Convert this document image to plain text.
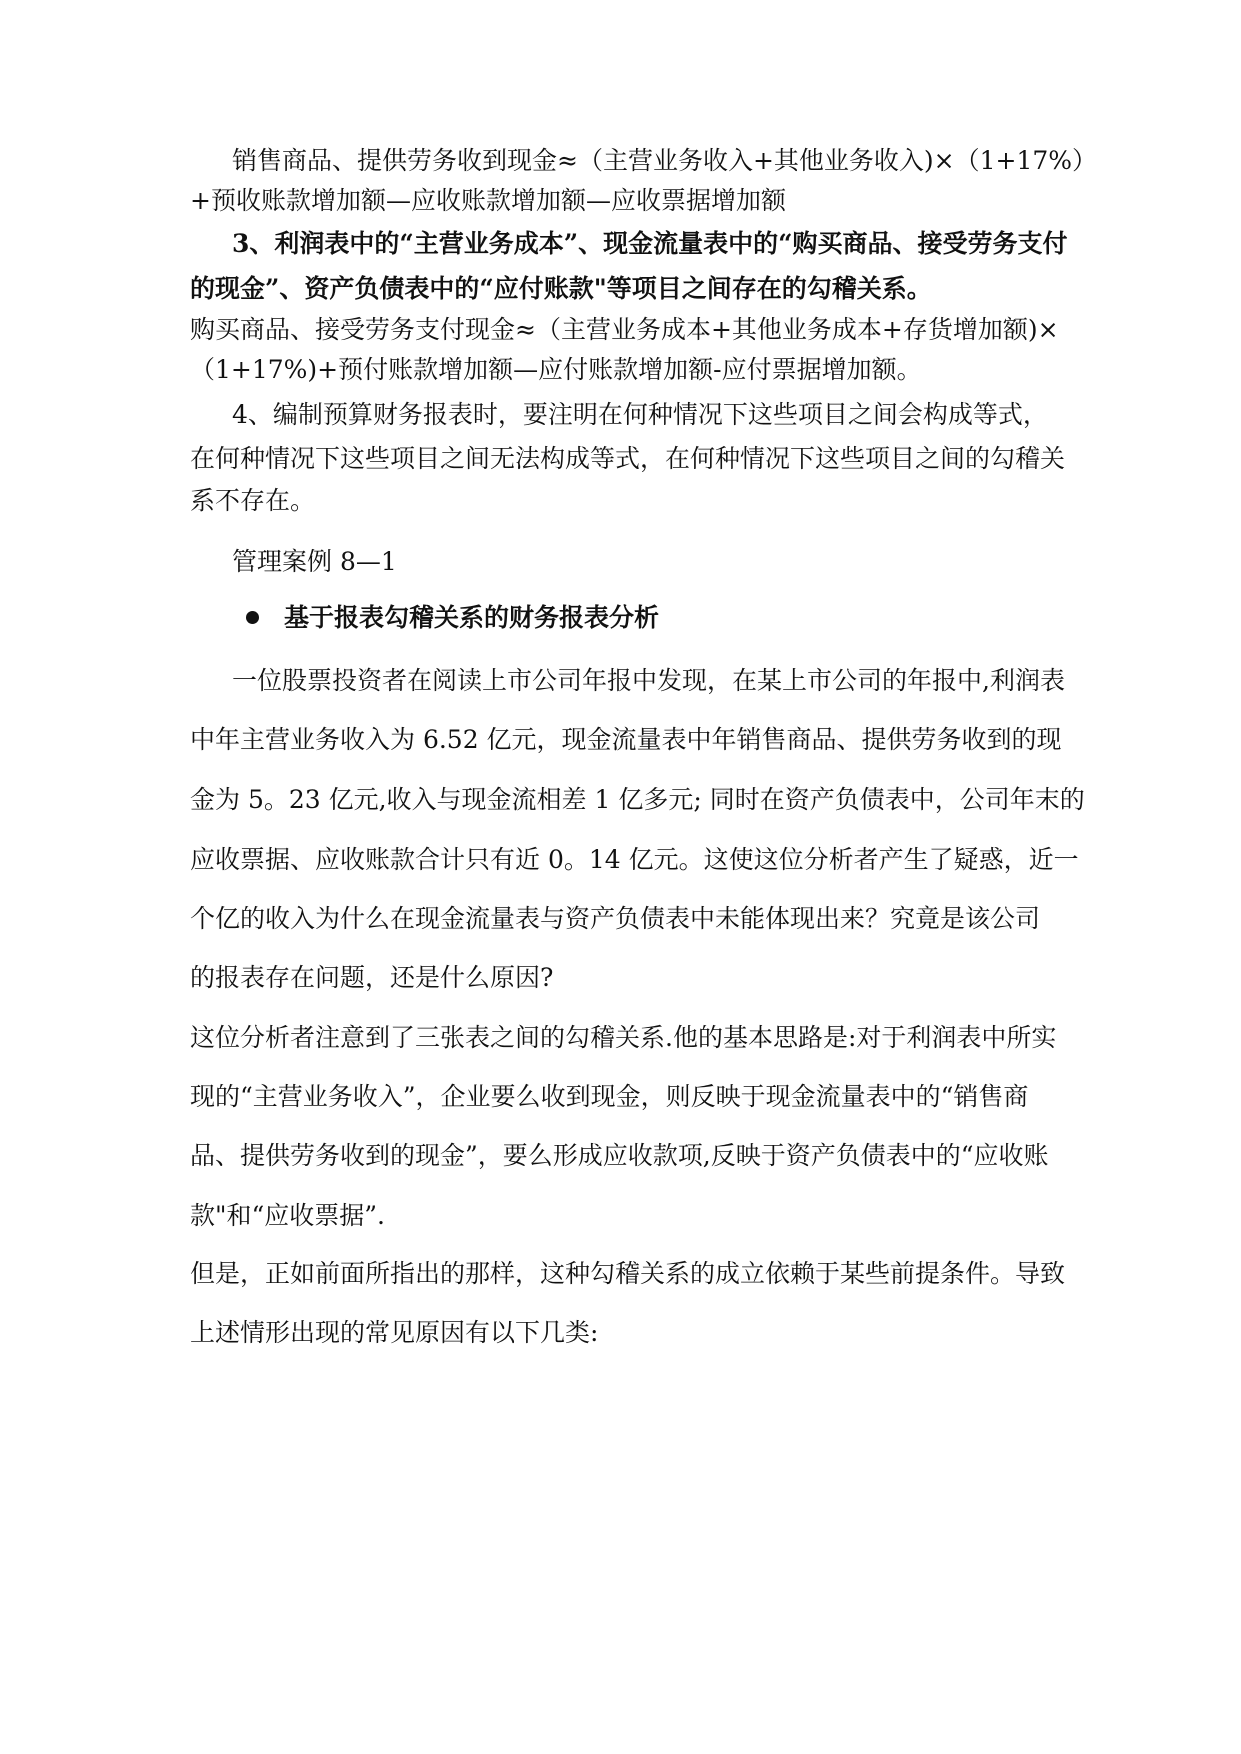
销售商品、提供劳务收到现金≈（主营业务收入+其他业务收入)×（1+17%）
+预收账款增加额—应收账款增加额—应收票据增加额
3、利润表中的“主营业务成本”、现金流量表中的“购买商品、接受劳务支付
的现金”、资产负债表中的“应付账款"等项目之间存在的勾稽关系。
购买商品、接受劳务支付现金≈（主营业务成本+其他业务成本+存货增加额)×
（1+17%)+预付账款增加额—应付账款增加额-应付票据增加额。
4、编制预算财务报表时，要注明在何种情况下这些项目之间会构成等式，
在何种情况下这些项目之间无法构成等式，在何种情况下这些项目之间的勾稽关
系不存在。
管理案例 8—1
基于报表勾稽关系的财务报表分析
一位股票投资者在阅读上市公司年报中发现，在某上市公司的年报中,利润表
中年主营业务收入为 6.52 亿元，现金流量表中年销售商品、提供劳务收到的现
金为 5。23 亿元,收入与现金流相差 1 亿多元; 同时在资产负债表中，公司年末的
应收票据、应收账款合计只有近 0。14 亿元。这使这位分析者产生了疑惑，近一
个亿的收入为什么在现金流量表与资产负债表中未能体现出来？究竟是该公司
的报表存在问题，还是什么原因?
这位分析者注意到了三张表之间的勾稽关系.他的基本思路是:对于利润表中所实
现的“主营业务收入”，企业要么收到现金，则反映于现金流量表中的“销售商
品、提供劳务收到的现金”，要么形成应收款项,反映于资产负债表中的“应收账
款"和“应收票据”.
但是，正如前面所指出的那样，这种勾稽关系的成立依赖于某些前提条件。导致
上述情形出现的常见原因有以下几类:
